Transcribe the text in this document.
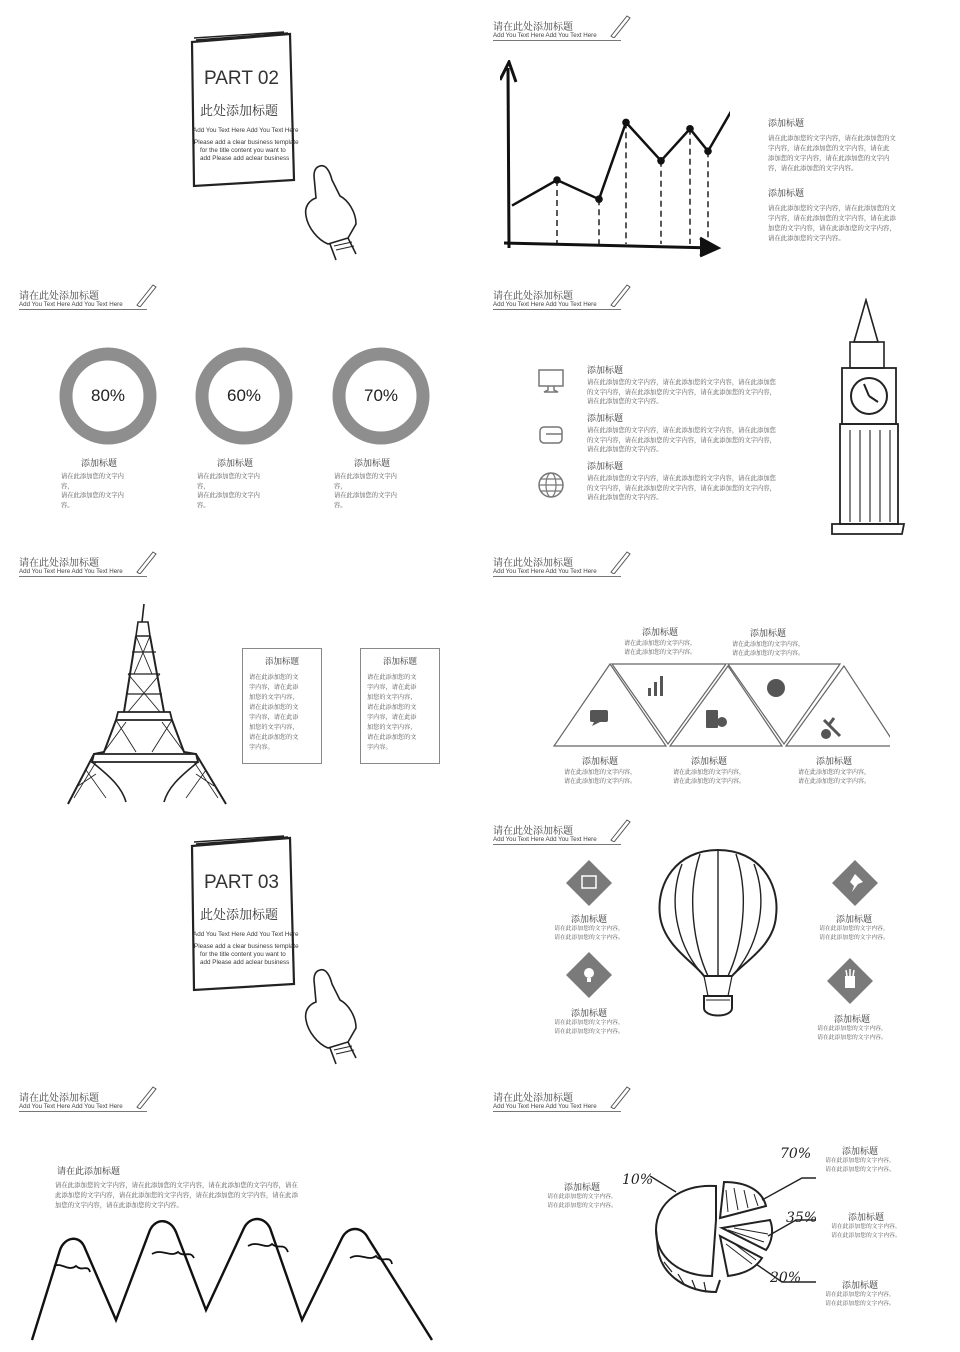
PART 02
此处添加标题
Add You Text Here Add You Text Here
Please add a clear business template
for the title content you want to
add Please add aclear business
请在此处添加标题
Add You Text Here Add You Text Here
添加标题
请在此添加您的文字内容，请在此添加您的文
字内容，请在此添加您的文字内容，请在此
添加您的文字内容，请在此添加您的文字内
容，请在此添加您的文字内容。
添加标题
请在此添加您的文字内容，请在此添加您的文
字内容，请在此添加您的文字内容，请在此添
加您的文字内容，请在此添加您的文字内容，
请在此添加您的文字内容。
请在此处添加标题
Add You Text Here Add You Text Here
80%
添加标题
请在此添加您的文字内
容，
请在此添加您的文字内
容。
60%
添加标题
请在此添加您的文字内
容，
请在此添加您的文字内
容。
70%
添加标题
请在此添加您的文字内
容，
请在此添加您的文字内
容。
请在此处添加标题
Add You Text Here Add You Text Here
添加标题
请在此添加您的文字内容，请在此添加您的文字内容，请在此添加您
的文字内容，请在此添加您的文字内容，请在此添加您的文字内容，
请在此添加您的文字内容。
添加标题
请在此添加您的文字内容，请在此添加您的文字内容，请在此添加您
的文字内容，请在此添加您的文字内容，请在此添加您的文字内容，
请在此添加您的文字内容。
添加标题
请在此添加您的文字内容，请在此添加您的文字内容，请在此添加您
的文字内容，请在此添加您的文字内容，请在此添加您的文字内容，
请在此添加您的文字内容。
请在此处添加标题
Add You Text Here Add You Text Here
添加标题
请在此添加您的文
字内容，请在此添
加您的文字内容，
请在此添加您的文
字内容，请在此添
加您的文字内容，
请在此添加您的文
字内容。
添加标题
请在此添加您的文
字内容，请在此添
加您的文字内容，
请在此添加您的文
字内容，请在此添
加您的文字内容，
请在此添加您的文
字内容。
请在此处添加标题
Add You Text Here Add You Text Here
添加标题
请在此添加您的文字内容，
请在此添加您的文字内容。
添加标题
请在此添加您的文字内容，
请在此添加您的文字内容。
添加标题
请在此添加您的文字内容，
请在此添加您的文字内容。
添加标题
请在此添加您的文字内容，
请在此添加您的文字内容。
添加标题
请在此添加您的文字内容，
请在此添加您的文字内容。
PART 03
此处添加标题
Add You Text Here Add You Text Here
Please add a clear business template
for the title content you want to
add Please add aclear business
请在此处添加标题
Add You Text Here Add You Text Here
添加标题
请在此添加您的文字内容，
请在此添加您的文字内容。
添加标题
请在此添加您的文字内容，
请在此添加您的文字内容。
添加标题
请在此添加您的文字内容，
请在此添加您的文字内容。
添加标题
请在此添加您的文字内容，
请在此添加您的文字内容。
请在此处添加标题
Add You Text Here Add You Text Here
请在此添加标题
请在此添加您的文字内容，请在此添加您的文字内容，请在此添加您的文字内容，请在
此添加您的文字内容，请在此添加您的文字内容，请在此添加您的文字内容，请在此添
加您的文字内容，请在此添加您的文字内容。
请在此处添加标题
Add You Text Here Add You Text Here
添加标题
请在此添加您的文字内容，
请在此添加您的文字内容。
添加标题
请在此添加您的文字内容，
请在此添加您的文字内容。
添加标题
请在此添加您的文字内容，
请在此添加您的文字内容。
添加标题
请在此添加您的文字内容，
请在此添加您的文字内容。
70%
35%
20%
10%
